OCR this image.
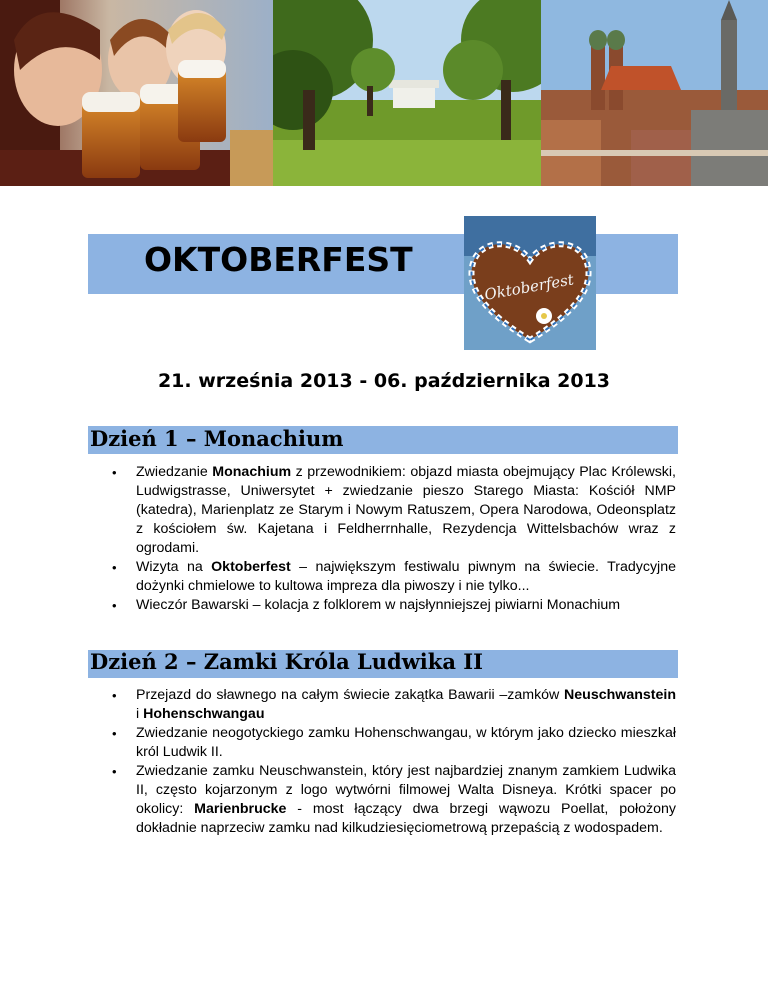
OKTOBERFEST
Oktoberfest
21. września 2013 - 06. października 2013
Dzień 1 – Monachium
• Zwiedzanie Monachium z przewodnikiem: objazd miasta obejmujący Plac Królewski, Ludwigstrasse, Uniwersytet + zwiedzanie pieszo Starego Miasta: Kościół NMP (katedra), Marienplatz ze Starym i Nowym Ratuszem, Opera Narodowa, Odeonsplatz z kościołem św. Kajetana i Feldherrnhalle, Rezydencja Wittelsbachów wraz z ogrodami.
• Wizyta na Oktoberfest – największym festiwalu piwnym na świecie. Tradycyjne dożynki chmielowe to kultowa impreza dla piwoszy i nie tylko...
• Wieczór Bawarski – kolacja z folklorem w najsłynniejszej piwiarni Monachium
Dzień 2 – Zamki Króla Ludwika II
• Przejazd do sławnego na całym świecie zakątka Bawarii –zamków Neuschwanstein i Hohenschwangau
• Zwiedzanie neogotyckiego zamku Hohenschwangau, w którym jako dziecko mieszkał król Ludwik II.
• Zwiedzanie zamku Neuschwanstein, który jest najbardziej znanym zamkiem Ludwika II, często kojarzonym z logo wytwórni filmowej Walta Disneya. Krótki spacer po okolicy: Marienbrucke - most łączący dwa brzegi wąwozu Poellat, położony dokładnie naprzeciw zamku nad kilkudziesięciometrową przepaścią z wodospadem.
